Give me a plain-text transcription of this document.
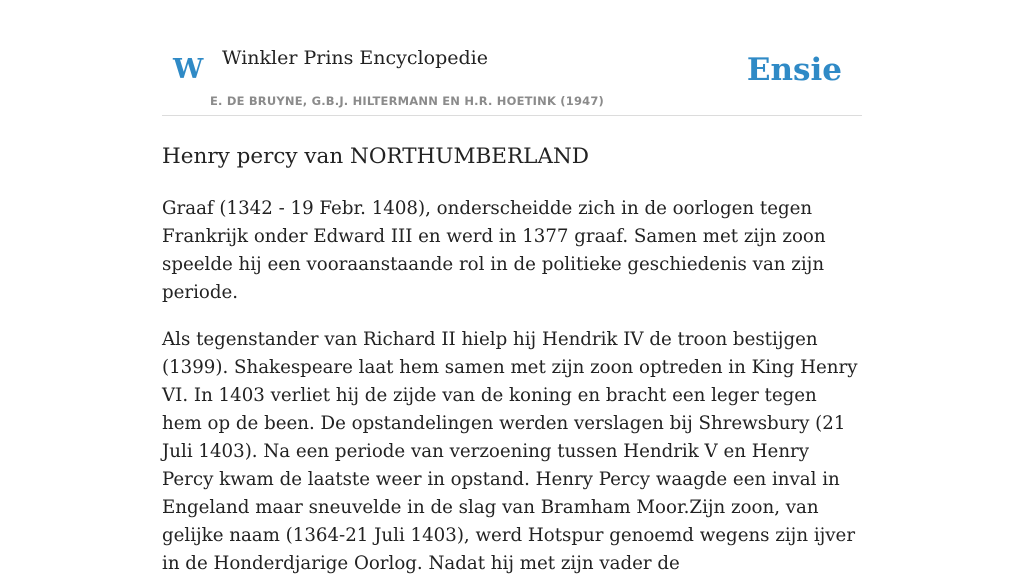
W Winkler Prins Encyclopedie
E. DE BRUYNE, G.B.J. HILTERMANN EN H.R. HOETINK (1947)
Ensie
Henry percy van NORTHUMBERLAND

Graaf (1342 - 19 Febr. 1408), onderscheidde zich in de oorlogen tegen Frankrijk onder Edward III en werd in 1377 graaf. Samen met zijn zoon speelde hij een vooraanstaande rol in de politieke geschiedenis van zijn periode.

Als tegenstander van Richard II hielp hij Hendrik IV de troon bestijgen (1399). Shakespeare laat hem samen met zijn zoon optreden in King Henry VI. In 1403 verliet hij de zijde van de koning en bracht een leger tegen hem op de been. De opstandelingen werden verslagen bij Shrewsbury (21 Juli 1403). Na een periode van verzoening tussen Hendrik V en Henry Percy kwam de laatste weer in opstand. Henry Percy waagde een inval in Engeland maar sneuvelde in de slag van Bramham Moor.Zijn zoon, van gelijke naam (1364-21 Juli 1403), werd Hotspur genoemd wegens zijn ijver in de Honderdjarige Oorlog. Nadat hij met zijn vader de
